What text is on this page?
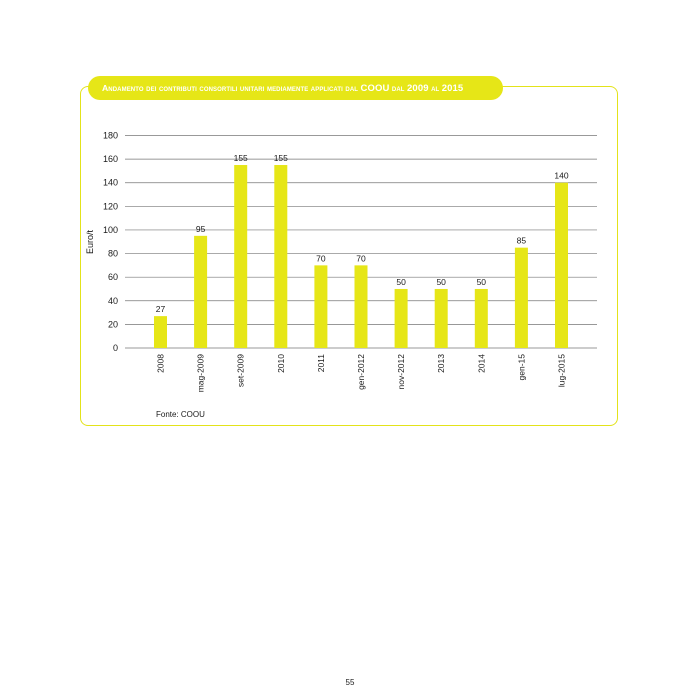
Andamento dei contributi consortili unitari mediamente applicati dal COOU dal 2009 al 2015
0
20
40
60
80
100
120
140
160
180
Euro/t
27
2008
95
mag-2009
155
set-2009
155
2010
70
2011
70
gen-2012
50
nov-2012
50
2013
50
2014
85
gen-15
140
lug-2015
Fonte: COOU
55
